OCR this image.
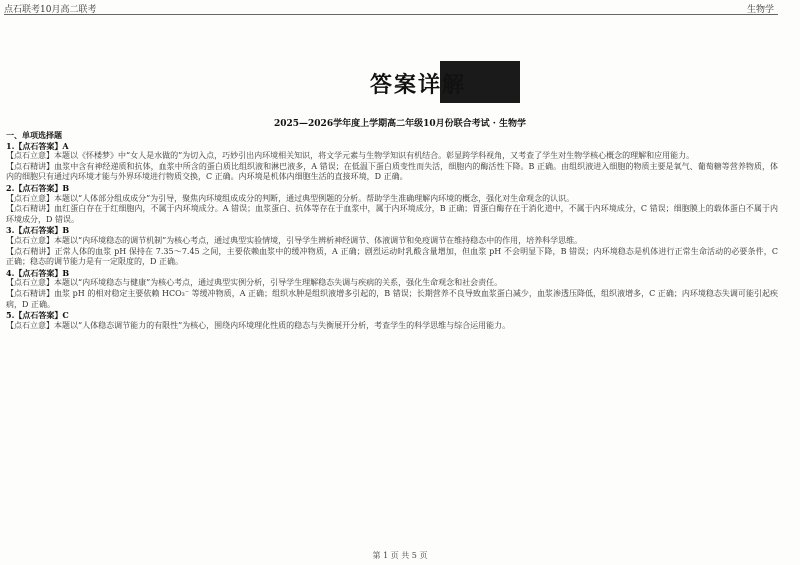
点石联考10月高二联考	生物学
答案详解
2025—2026学年度上学期高二年级10月份联合考试 · 生物学

一、单项选择题

1.【点石答案】A

【点石立意】本题以《怀楼梦》中“女人是水做的”为切入点，巧妙引出内环境相关知识，将文学元素与生物学知识有机结合。彰显跨学科视角，又考查了学生对生物学核心概念的理解和应用能力。

【点石精讲】血浆中含有神经递质和抗体，血浆中所含的蛋白质比组织液和淋巴液多，A 错误；在低温下蛋白质变性而失活，细胞内的酶活性下降。B 正确。由组织液进入细胞的物质主要是氧气、葡萄糖等营养物质，体内的细胞只有通过内环境才能与外界环境进行物质交换，C 正确。内环境是机体内细胞生活的直接环境，D 正确。

2.【点石答案】B

【点石立意】本题以“人体部分组成成分”为引导，聚焦内环境组成成分的判断，通过典型例题的分析。帮助学生准确理解内环境的概念，强化对生命观念的认识。

【点石精讲】血红蛋白存在于红细胞内，不属于内环境成分。A 错误；血浆蛋白、抗体等存在于血浆中，属于内环境成分，B 正确；胃蛋白酶存在于消化道中，不属于内环境成分，C 错误；细胞膜上的载体蛋白不属于内环境成分，D 错误。

3.【点石答案】B

【点石立意】本题以“内环境稳态的调节机制”为核心考点，通过典型实验情境，引导学生辨析神经调节、体液调节和免疫调节在维持稳态中的作用，培养科学思维。

【点石精讲】正常人体的血浆 pH 保持在 7.35～7.45 之间，主要依赖血浆中的缓冲物质，A 正确；剧烈运动时乳酸含量增加，但血浆 pH 不会明显下降，B 错误；内环境稳态是机体进行正常生命活动的必要条件，C 正确；稳态的调节能力是有一定限度的，D 正确。

4.【点石答案】B

【点石立意】本题以“内环境稳态与健康”为核心考点，通过典型实例分析，引导学生理解稳态失调与疾病的关系，强化生命观念和社会责任。

【点石精讲】血浆 pH 的相对稳定主要依赖 HCO₃⁻ 等缓冲物质，A 正确；组织水肿是组织液增多引起的，B 错误；长期营养不良导致血浆蛋白减少，血浆渗透压降低，组织液增多，C 正确；内环境稳态失调可能引起疾病，D 正确。

5.【点石答案】C

【点石立意】本题以“人体稳态调节能力的有限性”为核心，围绕内环境理化性质的稳态与失衡展开分析，考查学生的科学思维与综合运用能力。

第 1 页 共 5 页
